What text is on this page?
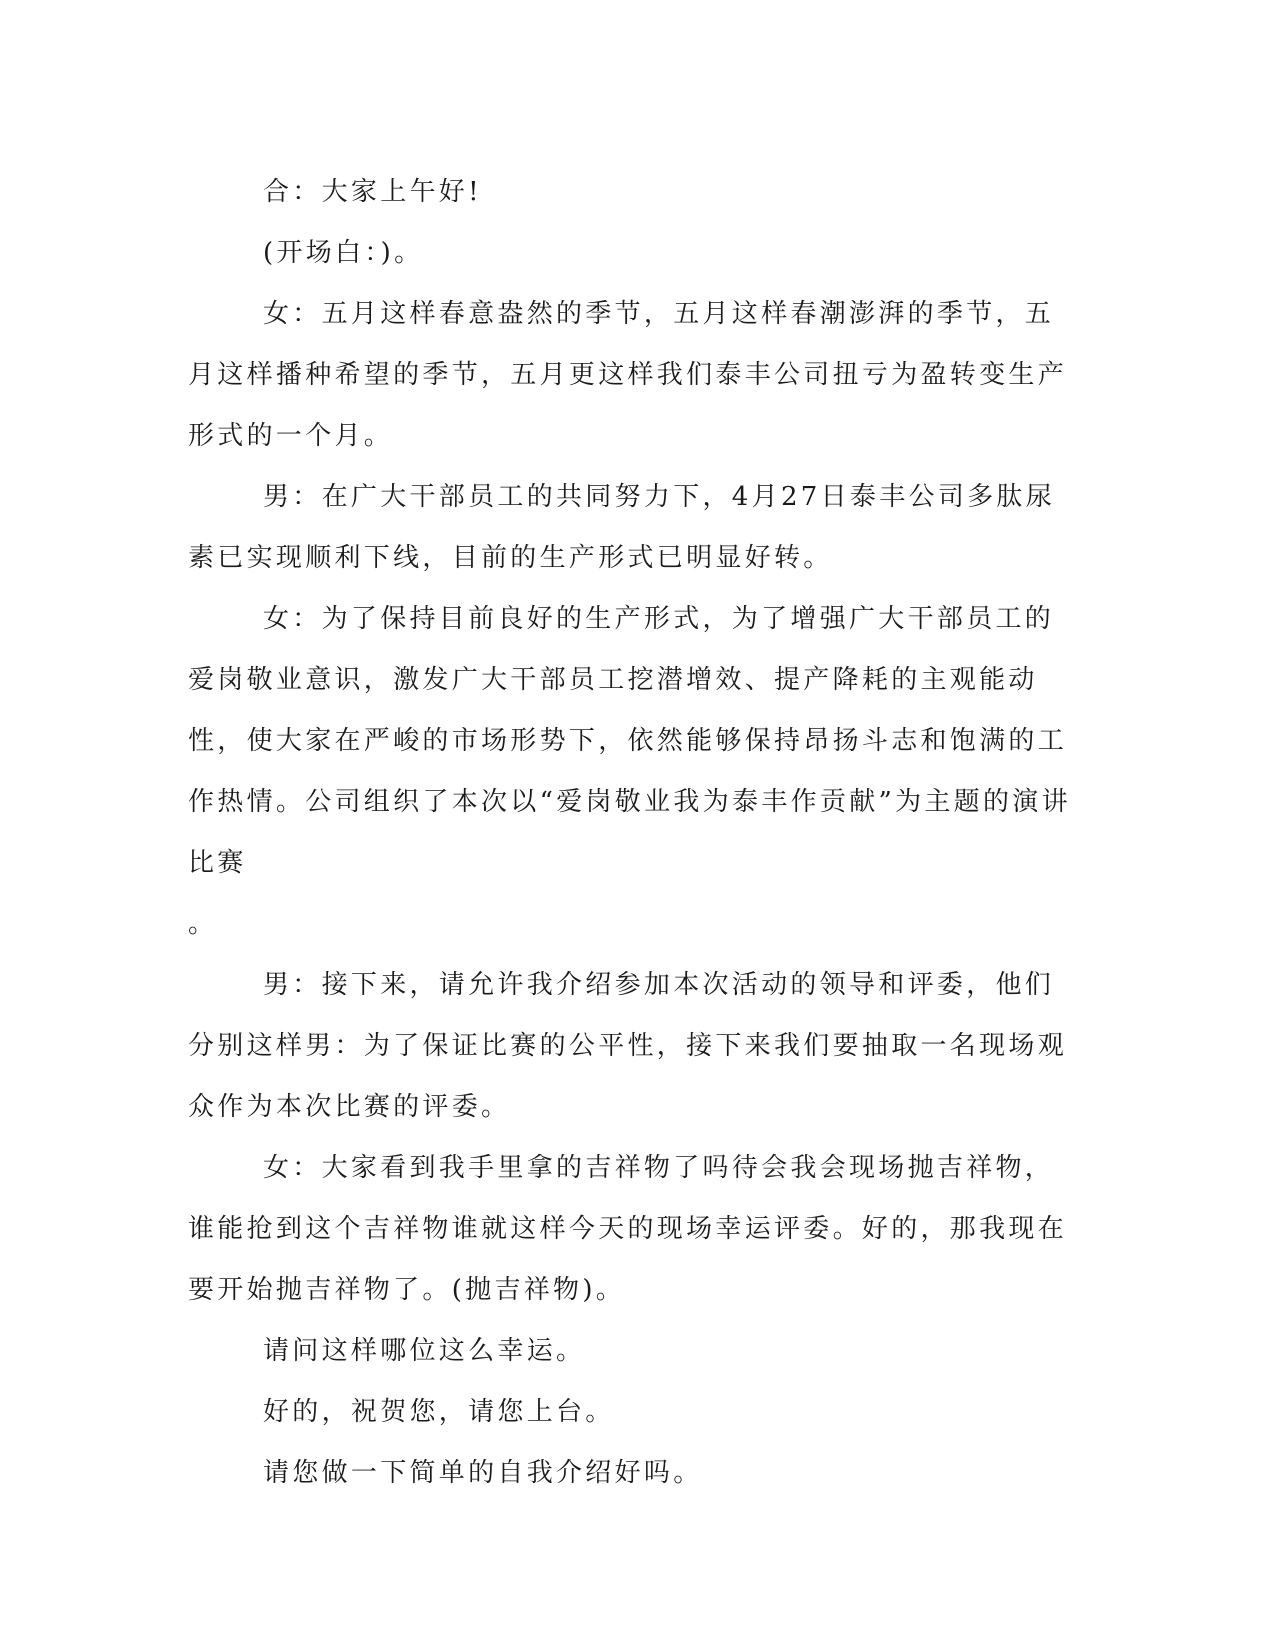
合：大家上午好!

(开场白：)。

女：五月这样春意盎然的季节，五月这样春潮澎湃的季节，五月这样播种希望的季节，五月更这样我们泰丰公司扭亏为盈转变生产形式的一个月。

男：在广大干部员工的共同努力下，4月27日泰丰公司多肽尿素已实现顺利下线，目前的生产形式已明显好转。

女：为了保持目前良好的生产形式，为了增强广大干部员工的爱岗敬业意识，激发广大干部员工挖潜增效、提产降耗的主观能动性，使大家在严峻的市场形势下，依然能够保持昂扬斗志和饱满的工作热情。公司组织了本次以“爱岗敬业我为泰丰作贡献”为主题的演讲比赛

。

男：接下来，请允许我介绍参加本次活动的领导和评委，他们分别这样男：为了保证比赛的公平性，接下来我们要抽取一名现场观众作为本次比赛的评委。

女：大家看到我手里拿的吉祥物了吗待会我会现场抛吉祥物，谁能抢到这个吉祥物谁就这样今天的现场幸运评委。好的，那我现在要开始抛吉祥物了。(抛吉祥物)。

请问这样哪位这么幸运。

好的，祝贺您，请您上台。

请您做一下简单的自我介绍好吗。
